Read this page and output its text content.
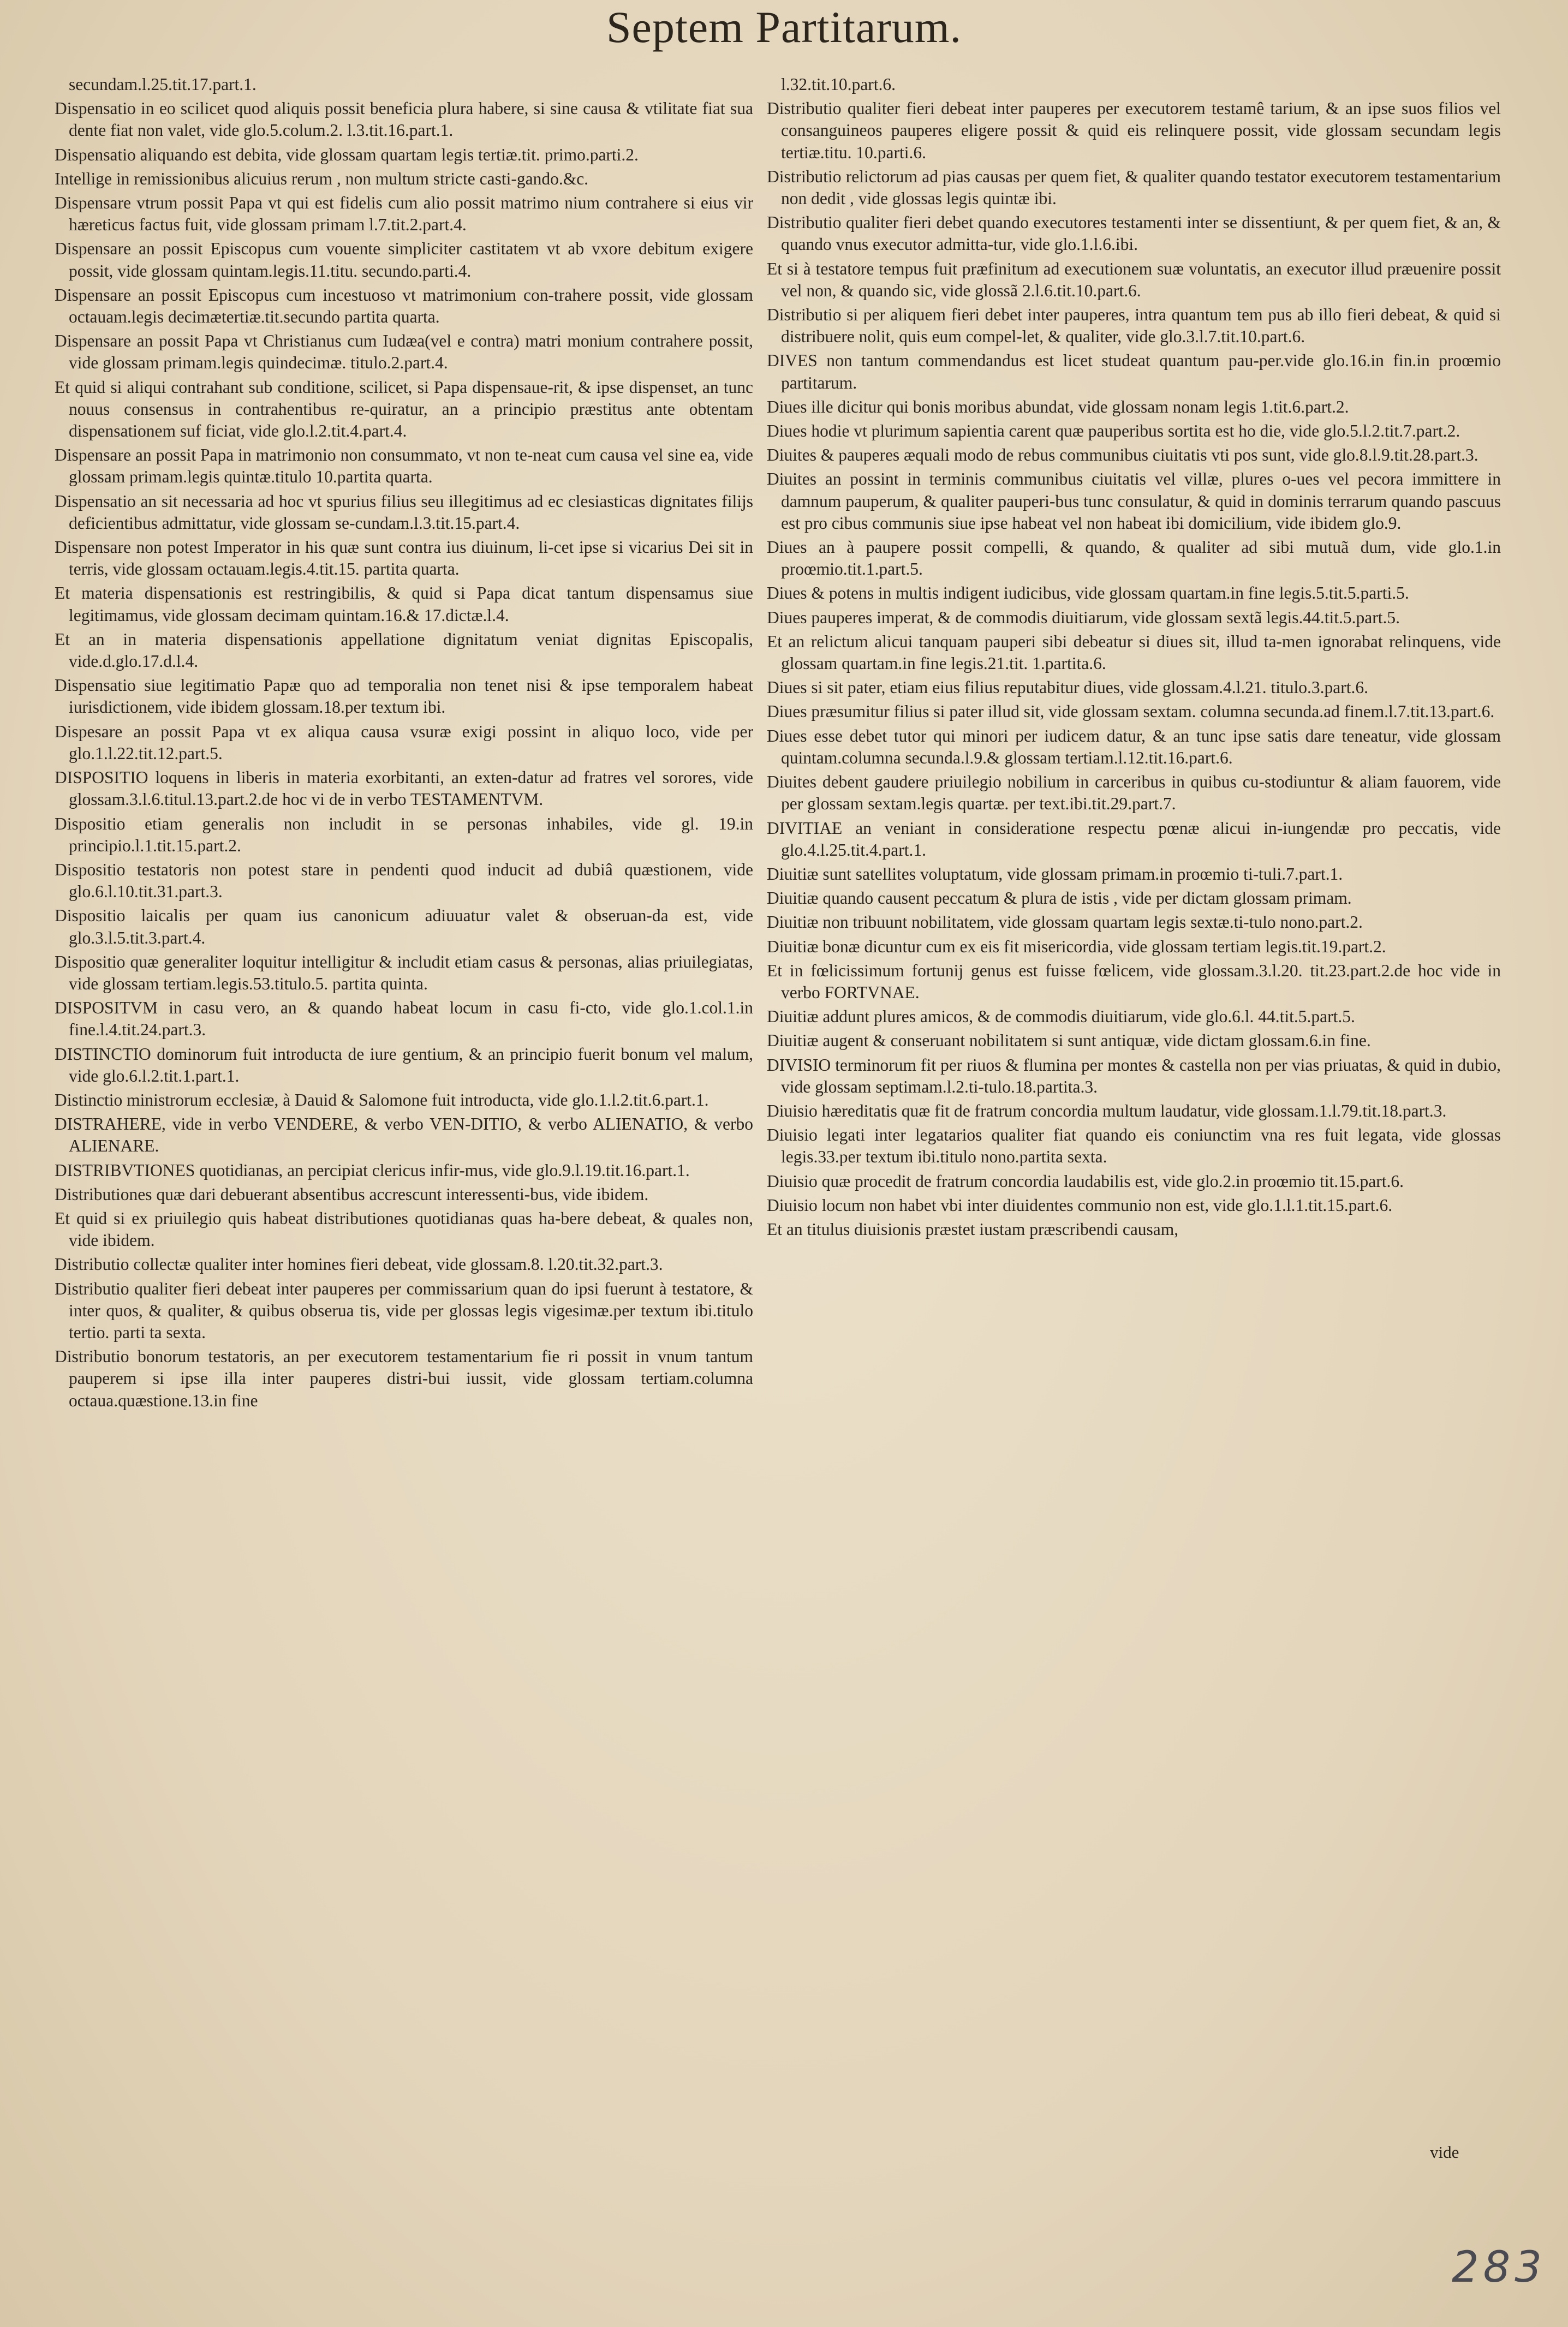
Septem Partitarum.

secundam.l.25.tit.17.part.1.

Dispensatio in eo scilicet quod aliquis possit beneficia plura habere, si sine causa & vtilitate fiat sua dente fiat non valet, vide glo.5.colum.2. l.3.tit.16.part.1.

Dispensatio aliquando est debita, vide glossam quartam legis tertiæ.tit. primo.parti.2.

Intellige in remissionibus alicuius rerum , non multum stricte casti-gando.&c.

Dispensare vtrum possit Papa vt qui est fidelis cum alio possit matrimo nium contrahere si eius vir hæreticus factus fuit, vide glossam primam l.7.tit.2.part.4.

Dispensare an possit Episcopus cum vouente simpliciter castitatem vt ab vxore debitum exigere possit, vide glossam quintam.legis.11.titu. secundo.parti.4.

Dispensare an possit Episcopus cum incestuoso vt matrimonium con-trahere possit, vide glossam octauam.legis decimætertiæ.tit.secundo partita quarta.

Dispensare an possit Papa vt Christianus cum Iudæa(vel e contra) matri monium contrahere possit, vide glossam primam.legis quindecimæ. titulo.2.part.4.

Et quid si aliqui contrahant sub conditione, scilicet, si Papa dispensaue-rit, & ipse dispenset, an tunc nouus consensus in contrahentibus re-quiratur, an a principio præstitus ante obtentam dispensationem suf ficiat, vide glo.l.2.tit.4.part.4.

Dispensare an possit Papa in matrimonio non consummato, vt non te-neat cum causa vel sine ea, vide glossam primam.legis quintæ.titulo 10.partita quarta.

Dispensatio an sit necessaria ad hoc vt spurius filius seu illegitimus ad ec clesiasticas dignitates filijs deficientibus admittatur, vide glossam se-cundam.l.3.tit.15.part.4.

Dispensare non potest Imperator in his quæ sunt contra ius diuinum, li-cet ipse si vicarius Dei sit in terris, vide glossam octauam.legis.4.tit.15. partita quarta.

Et materia dispensationis est restringibilis, & quid si Papa dicat tantum dispensamus siue legitimamus, vide glossam decimam quintam.16.& 17.dictæ.l.4.

Et an in materia dispensationis appellatione dignitatum veniat dignitas Episcopalis, vide.d.glo.17.d.l.4.

Dispensatio siue legitimatio Papæ quo ad temporalia non tenet nisi & ipse temporalem habeat iurisdictionem, vide ibidem glossam.18.per textum ibi.

Dispesare an possit Papa vt ex aliqua causa vsuræ exigi possint in aliquo loco, vide per glo.1.l.22.tit.12.part.5.

DISPOSITIO loquens in liberis in materia exorbitanti, an exten-datur ad fratres vel sorores, vide glossam.3.l.6.titul.13.part.2.de hoc vi de in verbo TESTAMENTVM.

Dispositio etiam generalis non includit in se personas inhabiles, vide gl. 19.in principio.l.1.tit.15.part.2.

Dispositio testatoris non potest stare in pendenti quod inducit ad dubiâ quæstionem, vide glo.6.l.10.tit.31.part.3.

Dispositio laicalis per quam ius canonicum adiuuatur valet & obseruan-da est, vide glo.3.l.5.tit.3.part.4.

Dispositio quæ generaliter loquitur intelligitur & includit etiam casus & personas, alias priuilegiatas, vide glossam tertiam.legis.53.titulo.5. partita quinta.

DISPOSITVM in casu vero, an & quando habeat locum in casu fi-cto, vide glo.1.col.1.in fine.l.4.tit.24.part.3.

DISTINCTIO dominorum fuit introducta de iure gentium, & an principio fuerit bonum vel malum, vide glo.6.l.2.tit.1.part.1.

Distinctio ministrorum ecclesiæ, à Dauid & Salomone fuit introducta, vide glo.1.l.2.tit.6.part.1.

DISTRAHERE, vide in verbo VENDERE, & verbo VEN-DITIO, & verbo ALIENATIO, & verbo ALIENARE.

DISTRIBVTIONES quotidianas, an percipiat clericus infir-mus, vide glo.9.l.19.tit.16.part.1.

Distributiones quæ dari debuerant absentibus accrescunt interessenti-bus, vide ibidem.

Et quid si ex priuilegio quis habeat distributiones quotidianas quas ha-bere debeat, & quales non, vide ibidem.

Distributio collectæ qualiter inter homines fieri debeat, vide glossam.8. l.20.tit.32.part.3.

Distributio qualiter fieri debeat inter pauperes per commissarium quan do ipsi fuerunt à testatore, & inter quos, & qualiter, & quibus obserua tis, vide per glossas legis vigesimæ.per textum ibi.titulo tertio. parti ta sexta.

Distributio bonorum testatoris, an per executorem testamentarium fie ri possit in vnum tantum pauperem si ipse illa inter pauperes distri-bui iussit, vide glossam tertiam.columna octaua.quæstione.13.in fine

l.32.tit.10.part.6.

Distributio qualiter fieri debeat inter pauperes per executorem testamê tarium, & an ipse suos filios vel consanguineos pauperes eligere possit & quid eis relinquere possit, vide glossam secundam legis tertiæ.titu. 10.parti.6.

Distributio relictorum ad pias causas per quem fiet, & qualiter quando testator executorem testamentarium non dedit , vide glossas legis quintæ ibi.

Distributio qualiter fieri debet quando executores testamenti inter se dissentiunt, & per quem fiet, & an, & quando vnus executor admitta-tur, vide glo.1.l.6.ibi.

Et si à testatore tempus fuit præfinitum ad executionem suæ voluntatis, an executor illud præuenire possit vel non, & quando sic, vide glossã 2.l.6.tit.10.part.6.

Distributio si per aliquem fieri debet inter pauperes, intra quantum tem pus ab illo fieri debeat, & quid si distribuere nolit, quis eum compel-let, & qualiter, vide glo.3.l.7.tit.10.part.6.

DIVES non tantum commendandus est licet studeat quantum pau-per.vide glo.16.in fin.in proœmio partitarum.

Diues ille dicitur qui bonis moribus abundat, vide glossam nonam legis 1.tit.6.part.2.

Diues hodie vt plurimum sapientia carent quæ pauperibus sortita est ho die, vide glo.5.l.2.tit.7.part.2.

Diuites & pauperes æquali modo de rebus communibus ciuitatis vti pos sunt, vide glo.8.l.9.tit.28.part.3.

Diuites an possint in terminis communibus ciuitatis vel villæ, plures o-ues vel pecora immittere in damnum pauperum, & qualiter pauperi-bus tunc consulatur, & quid in dominis terrarum quando pascuus est pro cibus communis siue ipse habeat vel non habeat ibi domicilium, vide ibidem glo.9.

Diues an à paupere possit compelli, & quando, & qualiter ad sibi mutuã dum, vide glo.1.in proœmio.tit.1.part.5.

Diues & potens in multis indigent iudicibus, vide glossam quartam.in fine legis.5.tit.5.parti.5.

Diues pauperes imperat, & de commodis diuitiarum, vide glossam sextã legis.44.tit.5.part.5.

Et an relictum alicui tanquam pauperi sibi debeatur si diues sit, illud ta-men ignorabat relinquens, vide glossam quartam.in fine legis.21.tit. 1.partita.6.

Diues si sit pater, etiam eius filius reputabitur diues, vide glossam.4.l.21. titulo.3.part.6.

Diues præsumitur filius si pater illud sit, vide glossam sextam. columna secunda.ad finem.l.7.tit.13.part.6.

Diues esse debet tutor qui minori per iudicem datur, & an tunc ipse satis dare teneatur, vide glossam quintam.columna secunda.l.9.& glossam tertiam.l.12.tit.16.part.6.

Diuites debent gaudere priuilegio nobilium in carceribus in quibus cu-stodiuntur & aliam fauorem, vide per glossam sextam.legis quartæ. per text.ibi.tit.29.part.7.

DIVITIAE an veniant in consideratione respectu pœnæ alicui in-iungendæ pro peccatis, vide glo.4.l.25.tit.4.part.1.

Diuitiæ sunt satellites voluptatum, vide glossam primam.in proœmio ti-tuli.7.part.1.

Diuitiæ quando causent peccatum & plura de istis , vide per dictam glossam primam.

Diuitiæ non tribuunt nobilitatem, vide glossam quartam legis sextæ.ti-tulo nono.part.2.

Diuitiæ bonæ dicuntur cum ex eis fit misericordia, vide glossam tertiam legis.tit.19.part.2.

Et in fœlicissimum fortunij genus est fuisse fœlicem, vide glossam.3.l.20. tit.23.part.2.de hoc vide in verbo FORTVNAE.

Diuitiæ addunt plures amicos, & de commodis diuitiarum, vide glo.6.l. 44.tit.5.part.5.

Diuitiæ augent & conseruant nobilitatem si sunt antiquæ, vide dictam glossam.6.in fine.

DIVISIO terminorum fit per riuos & flumina per montes & castella non per vias priuatas, & quid in dubio, vide glossam septimam.l.2.ti-tulo.18.partita.3.

Diuisio hæreditatis quæ fit de fratrum concordia multum laudatur, vide glossam.1.l.79.tit.18.part.3.

Diuisio legati inter legatarios qualiter fiat quando eis coniunctim vna res fuit legata, vide glossas legis.33.per textum ibi.titulo nono.partita sexta.

Diuisio quæ procedit de fratrum concordia laudabilis est, vide glo.2.in proœmio tit.15.part.6.

Diuisio locum non habet vbi inter diuidentes communio non est, vide glo.1.l.1.tit.15.part.6.

Et an titulus diuisionis præstet iustam præscribendi causam,

vide
283
